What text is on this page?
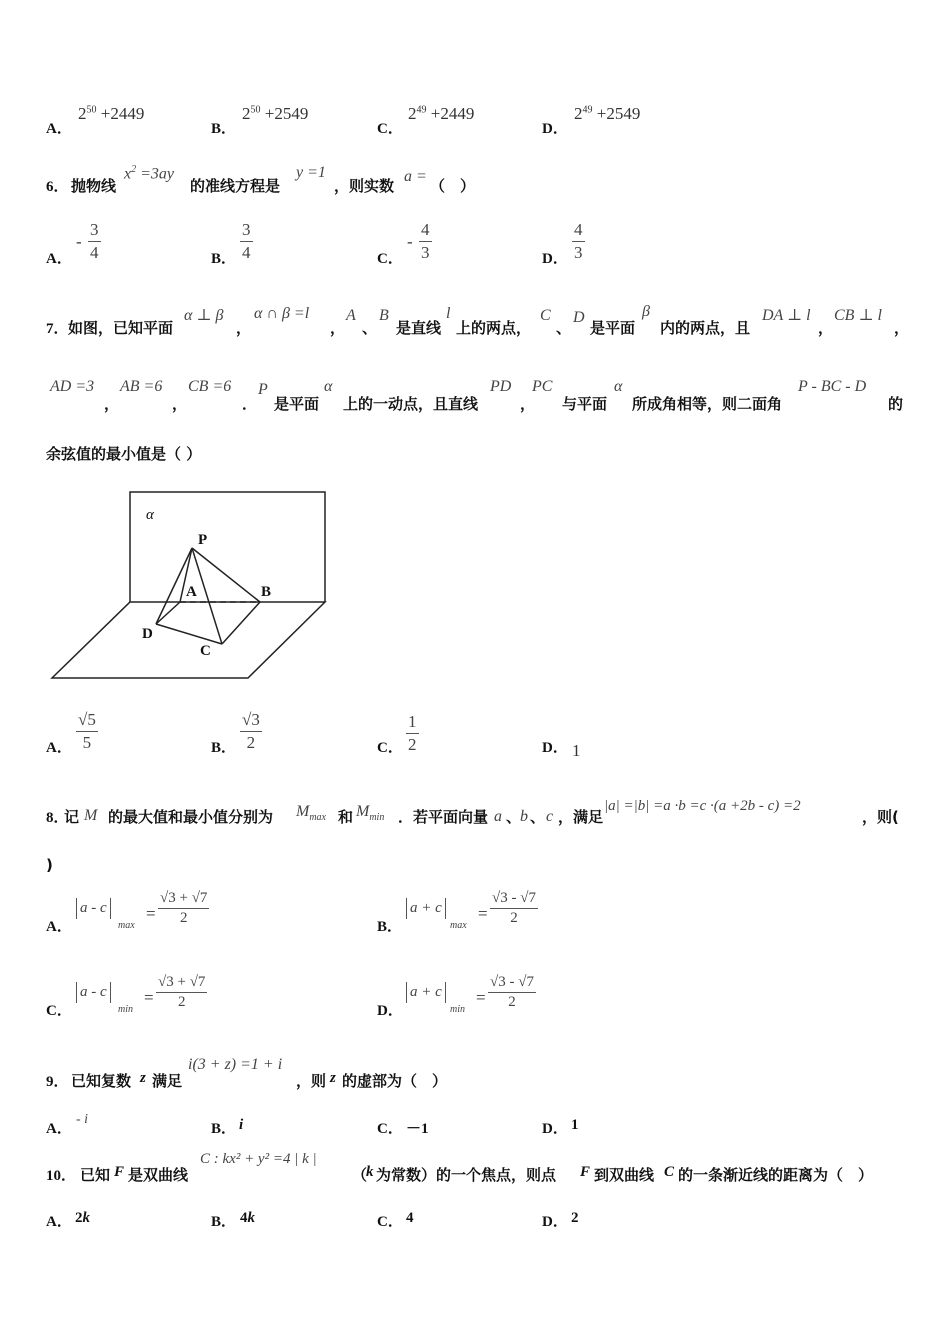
A．
$2^{50} +2449$
B．
$2^{50} +2549$
C．
$2^{49} +2449$
D．
$2^{49} +2549$
6． 抛物线
$x^2 =3ay$
的准线方程是
y =1
，则实数
a =
（　）
A．
-
3
4	B．
3
4	C．
-
4
3	D．
4
3
7． 如图，已知平面
α ⊥ β
，
α ∩ β =l
，
A
、
B
是直线
l
上的两点，
C
、
D
是平面
β
内的两点，且
DA ⊥ l
，
CB ⊥ l
，
AD =3
，
AB =6
，
CB =6
．
P
是平面
α
上的一动点，且直线
PD
，
PC
与平面
α
所成角相等，则二面角
P - BC - D
的
余弦值的最小值是（ ）
α
P
A	B
D
C
A．
√5
5	B．
√3
2	C．
1
2	D． 1
8．
记 M 的最大值和最小值分别为 $M_{max}$ 和 $M_{min}$ ．若平面向量 a 、
b 、 c ，满足
|a| =|b| =a ·b =c ·(a +2b - c) =2
，则(
)
A．
a - c
max
=
√3 + √7
2
B．
a + c
max
=
√3 - √7
2
C．
a - c
min
=
√3 + √7
2
D．
a + c
min
=
√3 - √7
2
9． 已知复数 z 满足
i(3 + z) =1 + i
，则 z 的虚部为（　）
A．
- i
B． i	C． －1	D． 1
10． 已知 F 是双曲线
C : kx² + y² =4 | k |
（
k 为常数）的一个焦点，则点 F 到双曲线 C 的一条渐近线的距离为（　）
A． 2k	B． 4k	C． 4	D． 2
